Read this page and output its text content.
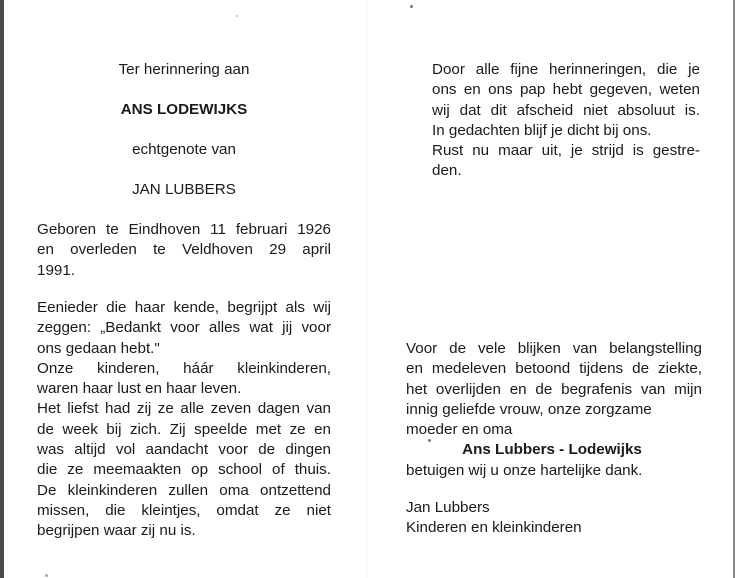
Ter herinnering aan
ANS LODEWIJKS
echtgenote van
JAN LUBBERS
Geboren te Eindhoven 11 februari 1926
en overleden te Veldhoven 29 april
1991.
Eenieder die haar kende, begrijpt als wij
zeggen: „Bedankt voor alles wat jij voor
ons gedaan hebt."
Onze kinderen, háár kleinkinderen,
waren haar lust en haar leven.
Het liefst had zij ze alle zeven dagen van
de week bij zich. Zij speelde met ze en
was altijd vol aandacht voor de dingen
die ze meemaakten op school of thuis.
De kleinkinderen zullen oma ontzettend
missen, die kleintjes, omdat ze niet
begrijpen waar zij nu is.
Door alle fijne herinneringen, die je
ons en ons pap hebt gegeven, weten
wij dat dit afscheid niet absoluut is.
In gedachten blijf je dicht bij ons.
Rust nu maar uit, je strijd is gestre-
den.
Voor de vele blijken van belangstelling
en medeleven betoond tijdens de ziekte,
het overlijden en de begrafenis van mijn
innig geliefde vrouw, onze zorgzame
moeder en oma
Ans Lubbers - Lodewijks
betuigen wij u onze hartelijke dank.
Jan Lubbers
Kinderen en kleinkinderen
